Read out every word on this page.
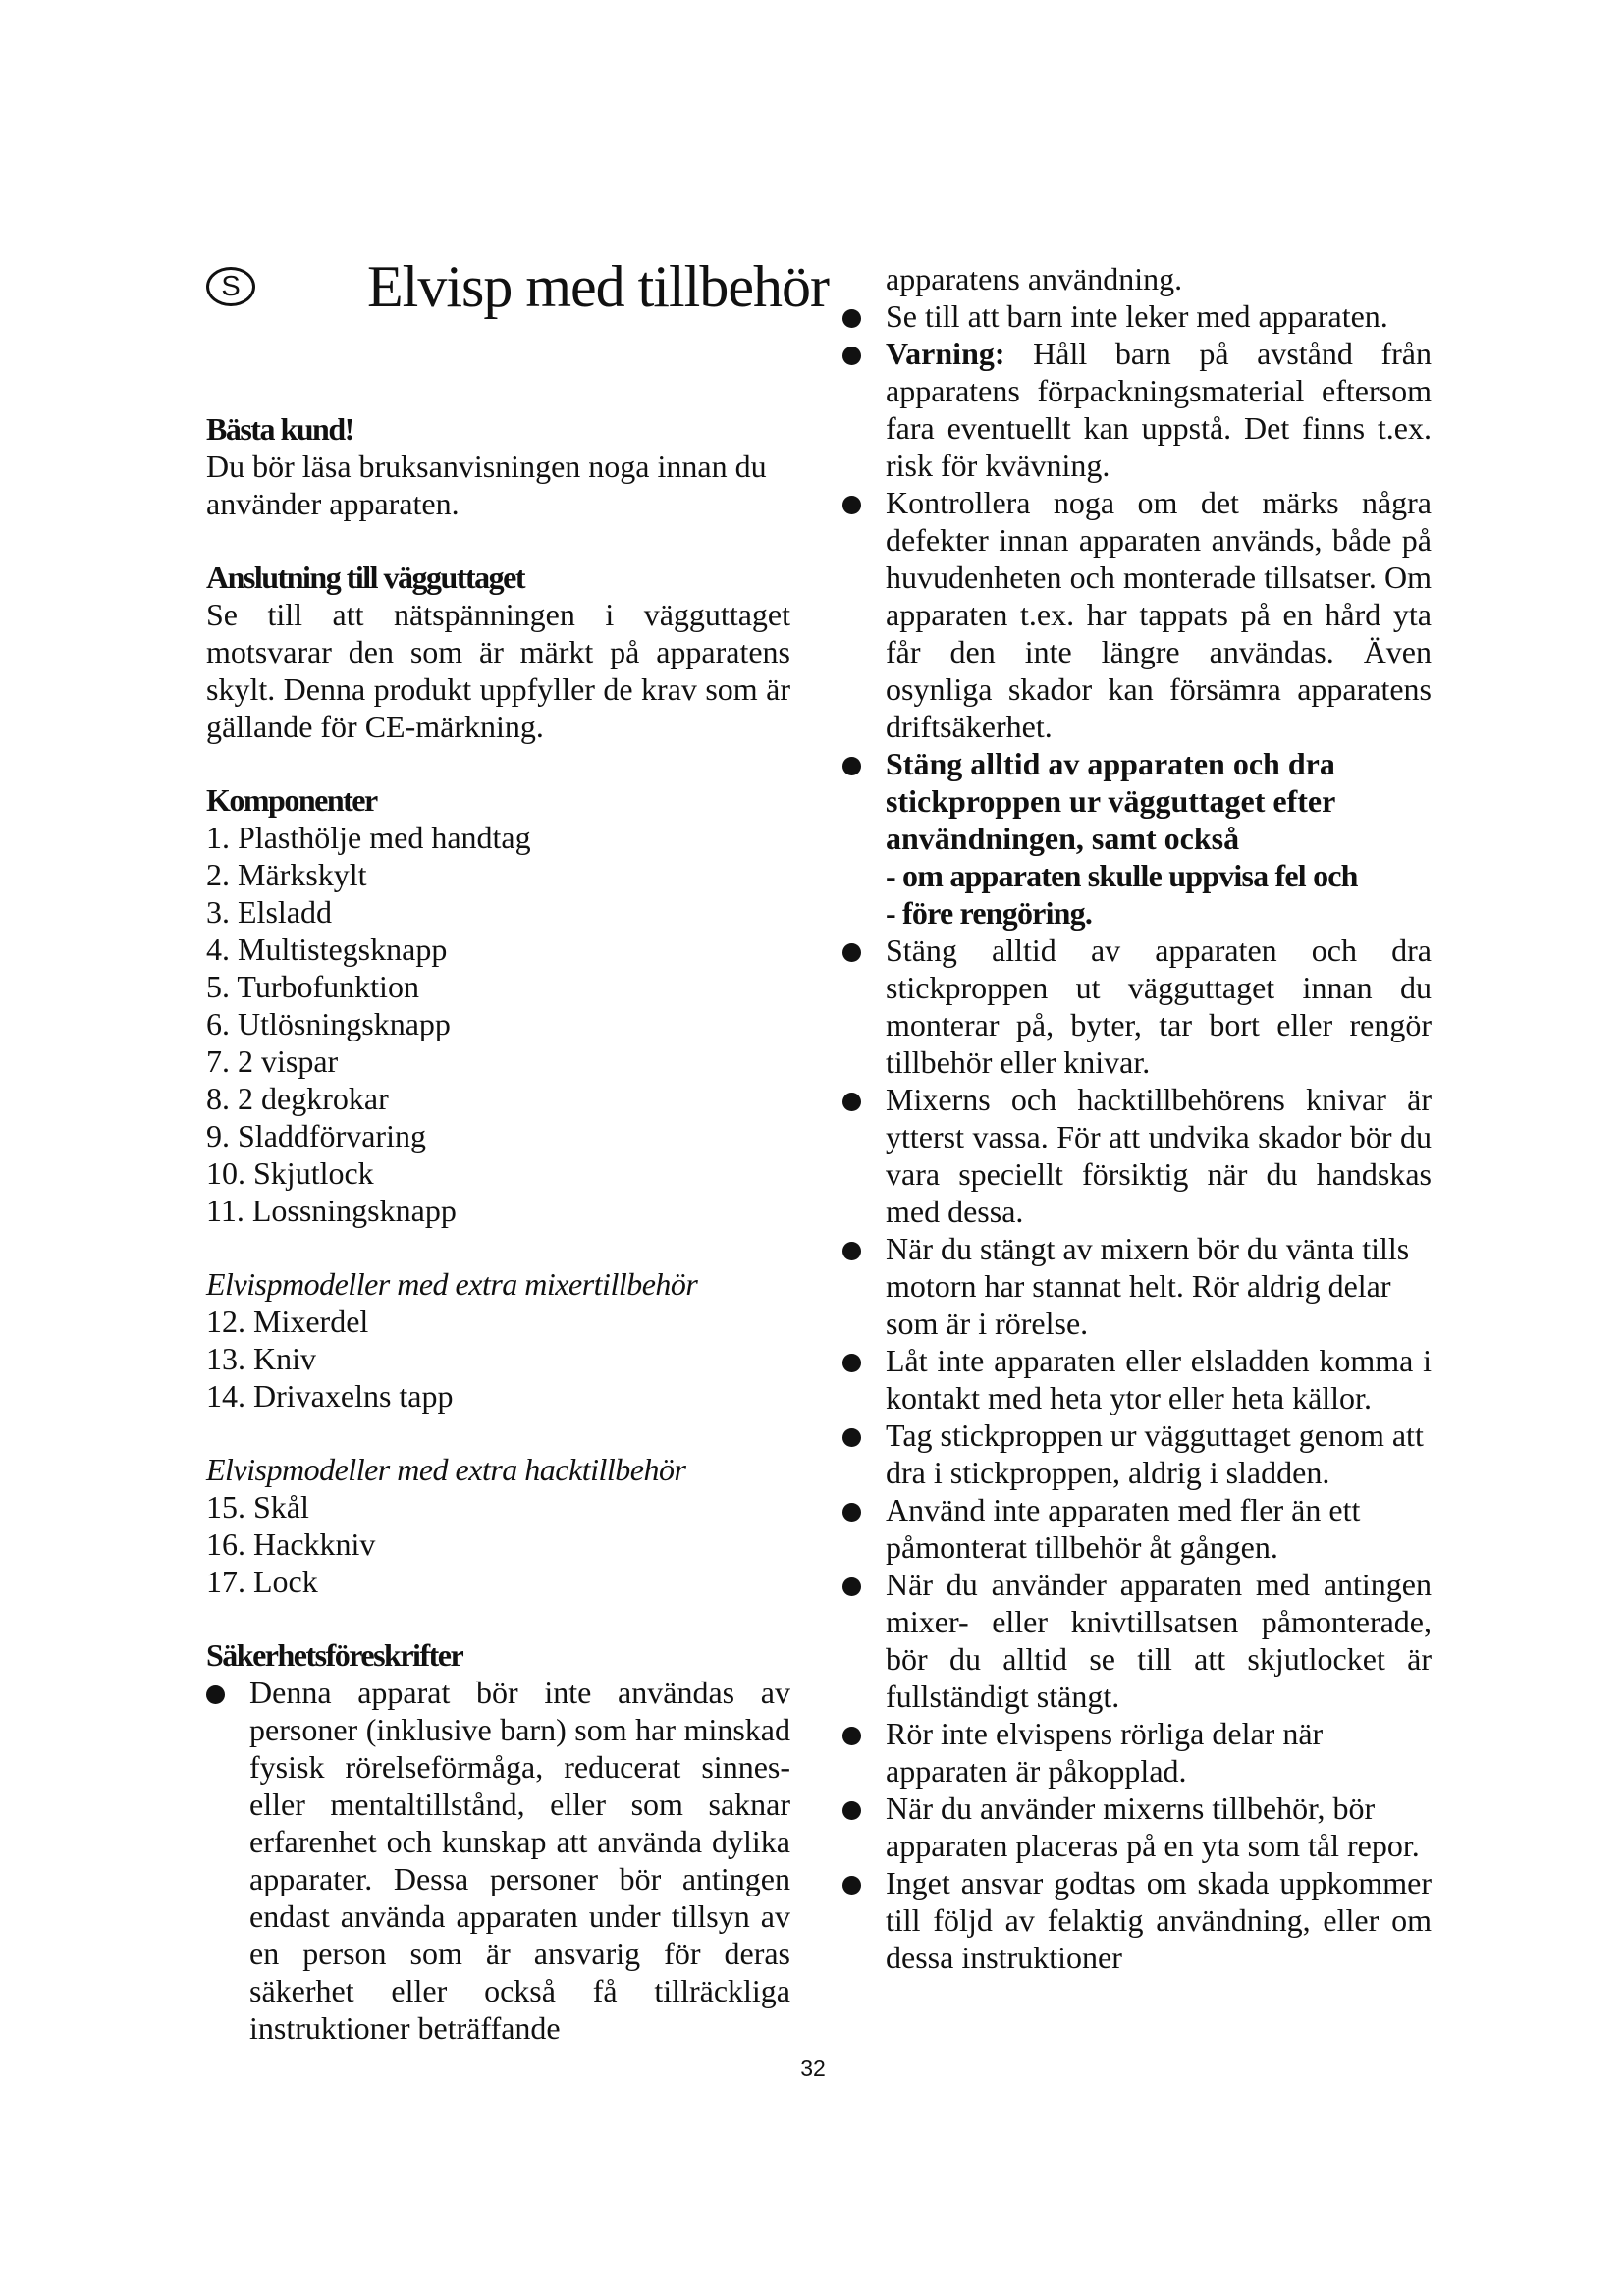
S Elvisp med tillbehör

Bästa kund!

Du bör läsa bruksanvisningen noga innan du använder apparaten.

Anslutning till vägguttaget

Se till att nätspänningen i vägguttaget motsvarar den som är märkt på apparatens skylt. Denna produkt uppfyller de krav som är gällande för CE-märkning.

Komponenter

1. Plasthölje med handtag
2. Märkskylt
3. Elsladd
4. Multistegsknapp
5. Turbofunktion
6. Utlösningsknapp
7. 2 vispar
8. 2 degkrokar
9. Sladdförvaring
10. Skjutlock
11. Lossningsknapp

Elvispmodeller med extra mixertillbehör

12. Mixerdel
13. Kniv
14. Drivaxelns tapp

Elvispmodeller med extra hacktillbehör

15. Skål
16. Hackkniv
17. Lock

Säkerhetsföreskrifter

Denna apparat bör inte användas av personer (inklusive barn) som har minskad fysisk rörelseförmåga, reducerat sinnes- eller mentaltillstånd, eller som saknar erfarenhet och kunskap att använda dylika apparater. Dessa personer bör antingen endast använda apparaten under tillsyn av en person som är ansvarig för deras säkerhet eller också få tillräckliga instruktioner beträffande

apparatens användning.

Se till att barn inte leker med apparaten.
Varning: Håll barn på avstånd från apparatens förpackningsmaterial eftersom fara eventuellt kan uppstå. Det finns t.ex. risk för kvävning.
Kontrollera noga om det märks några defekter innan apparaten används, både på huvudenheten och monterade tillsatser. Om apparaten t.ex. har tappats på en hård yta får den inte längre användas. Även osynliga skador kan försämra apparatens driftsäkerhet.
Stäng alltid av apparaten och dra stickproppen ur vägguttaget efter användningen, samt också

- om apparaten skulle uppvisa fel och

- före rengöring.

Stäng alltid av apparaten och dra stickproppen ut vägguttaget innan du monterar på, byter, tar bort eller rengör tillbehör eller knivar.
Mixerns och hacktillbehörens knivar är ytterst vassa. För att undvika skador bör du vara speciellt försiktig när du handskas med dessa.
När du stängt av mixern bör du vänta tills motorn har stannat helt. Rör aldrig delar som är i rörelse.
Låt inte apparaten eller elsladden komma i kontakt med heta ytor eller heta källor.
Tag stickproppen ur vägguttaget genom att dra i stickproppen, aldrig i sladden.
Använd inte apparaten med fler än ett påmonterat tillbehör åt gången.
När du använder apparaten med antingen mixer- eller knivtillsatsen påmonterade, bör du alltid se till att skjutlocket är fullständigt stängt.
Rör inte elvispens rörliga delar när apparaten är påkopplad.
När du använder mixerns tillbehör, bör apparaten placeras på en yta som tål repor.
Inget ansvar godtas om skada uppkommer till följd av felaktig användning, eller om dessa instruktioner
32
